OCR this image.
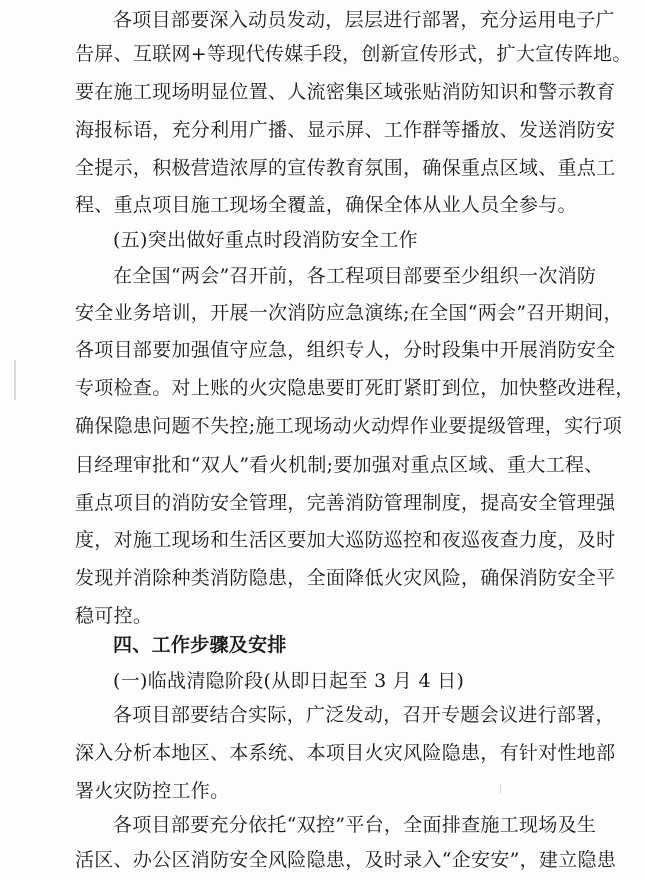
各项目部要深入动员发动，层层进行部署，充分运用电子广
告屏、互联网+等现代传媒手段，创新宣传形式，扩大宣传阵地。
要在施工现场明显位置、人流密集区域张贴消防知识和警示教育
海报标语，充分利用广播、显示屏、工作群等播放、发送消防安
全提示，积极营造浓厚的宣传教育氛围，确保重点区域、重点工
程、重点项目施工现场全覆盖，确保全体从业人员全参与。
(五)突出做好重点时段消防安全工作
在全国“两会”召开前，各工程项目部要至少组织一次消防
安全业务培训，开展一次消防应急演练;在全国“两会”召开期间，
各项目部要加强值守应急，组织专人，分时段集中开展消防安全
专项检查。对上账的火灾隐患要盯死盯紧盯到位，加快整改进程，
确保隐患问题不失控;施工现场动火动焊作业要提级管理，实行项
目经理审批和“双人”看火机制;要加强对重点区域、重大工程、
重点项目的消防安全管理，完善消防管理制度，提高安全管理强
度，对施工现场和生活区要加大巡防巡控和夜巡夜查力度，及时
发现并消除种类消防隐患，全面降低火灾风险，确保消防安全平
稳可控。
四、工作步骤及安排
(一)临战清隐阶段(从即日起至 3 月 4 日)
各项目部要结合实际，广泛发动，召开专题会议进行部署，
深入分析本地区、本系统、本项目火灾风险隐患，有针对性地部
署火灾防控工作。
各项目部要充分依托“双控”平台，全面排查施工现场及生
活区、办公区消防安全风险隐患，及时录入“企安安”，建立隐患
